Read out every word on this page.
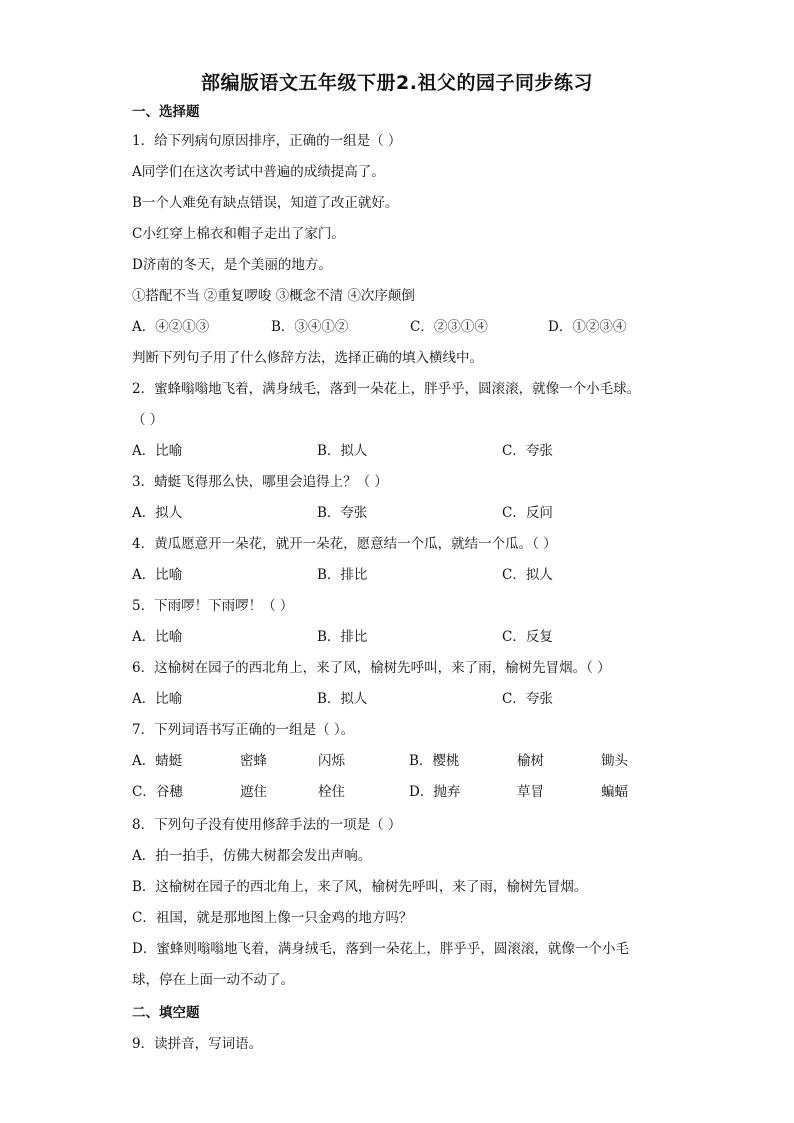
部编版语文五年级下册2.祖父的园子同步练习
一、选择题
1．给下列病句原因排序，正确的一组是（ ）
A同学们在这次考试中普遍的成绩提高了。
B一个人难免有缺点错误，知道了改正就好。
C小红穿上棉衣和帽子走出了家门。
D济南的冬天，是个美丽的地方。
①搭配不当 ②重复啰唆 ③概念不清 ④次序颠倒
A．④②①③	B．③④①②	C．②③①④	D．①②③④
判断下列句子用了什么修辞方法，选择正确的填入横线中。
2．蜜蜂嗡嗡地飞着，满身绒毛，落到一朵花上，胖乎乎，圆滚滚，就像一个小毛球。
（ ）
A．比喻	B．拟人	C．夸张
3．蜻蜓飞得那么快，哪里会追得上？（ ）
A．拟人	B．夸张	C．反问
4．黄瓜愿意开一朵花，就开一朵花，愿意结一个瓜，就结一个瓜。（ ）
A．比喻	B．排比	C．拟人
5．下雨啰！下雨啰！（ ）
A．比喻	B．排比	C．反复
6．这榆树在园子的西北角上，来了风，榆树先呼叫，来了雨，榆树先冒烟。（ ）
A．比喻	B．拟人	C．夸张
7．下列词语书写正确的一组是（ ）。
A．蜻蜓	密蜂	闪烁	B．樱桃	榆树	锄头
C．谷穗	遮住	栓住	D．抛弃	草冒	蝙蝠
8．下列句子没有使用修辞手法的一项是（ ）
A．拍一拍手，仿佛大树都会发出声响。
B．这榆树在园子的西北角上，来了风，榆树先呼叫，来了雨，榆树先冒烟。
C．祖国，就是那地图上像一只金鸡的地方吗？
D．蜜蜂则嗡嗡地飞着，满身绒毛，落到一朵花上，胖乎乎，圆滚滚，就像一个小毛
球，停在上面一动不动了。
二、填空题
9．读拼音，写词语。
